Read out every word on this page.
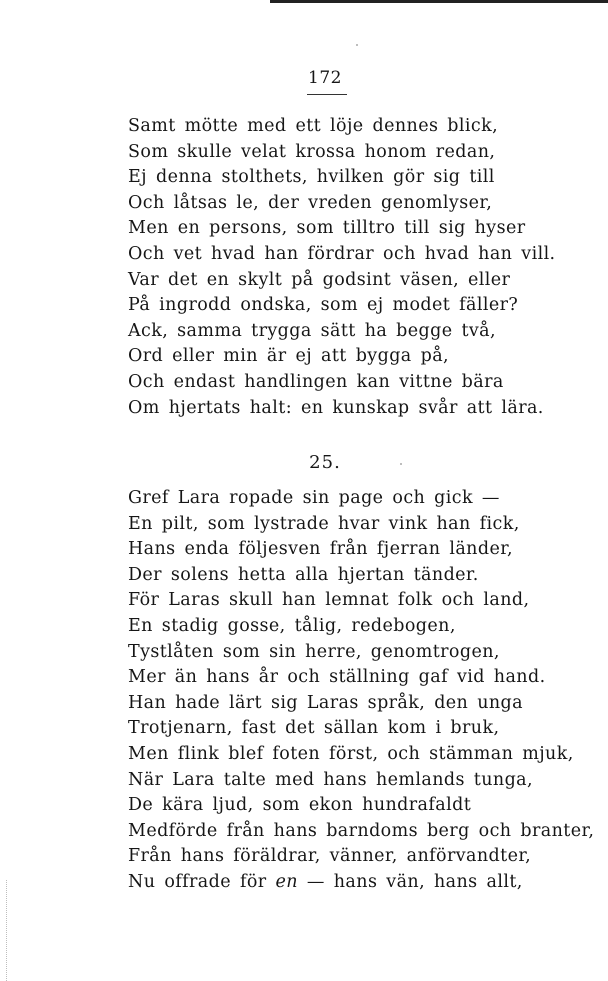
172
Samt mötte med ett löje dennes blick,
Som skulle velat krossa honom redan,
Ej denna stolthets, hvilken gör sig till
Och låtsas le, der vreden genomlyser,
Men en persons, som tilltro till sig hyser
Och vet hvad han fördrar och hvad han vill.
Var det en skylt på godsint väsen, eller
På ingrodd ondska, som ej modet fäller?
Ack, samma trygga sätt ha begge två,
Ord eller min är ej att bygga på,
Och endast handlingen kan vittne bära
Om hjertats halt: en kunskap svår att lära.
25.
Gref Lara ropade sin page och gick —
En pilt, som lystrade hvar vink han fick,
Hans enda följesven från fjerran länder,
Der solens hetta alla hjertan tänder.
För Laras skull han lemnat folk och land,
En stadig gosse, tålig, redebogen,
Tystlåten som sin herre, genomtrogen,
Mer än hans år och ställning gaf vid hand.
Han hade lärt sig Laras språk, den unga
Trotjenarn, fast det sällan kom i bruk,
Men flink blef foten först, och stämman mjuk,
När Lara talte med hans hemlands tunga,
De kära ljud, som ekon hundrafaldt
Medförde från hans barndoms berg och branter,
Från hans föräldrar, vänner, anförvandter,
Nu offrade för en — hans vän, hans allt,
